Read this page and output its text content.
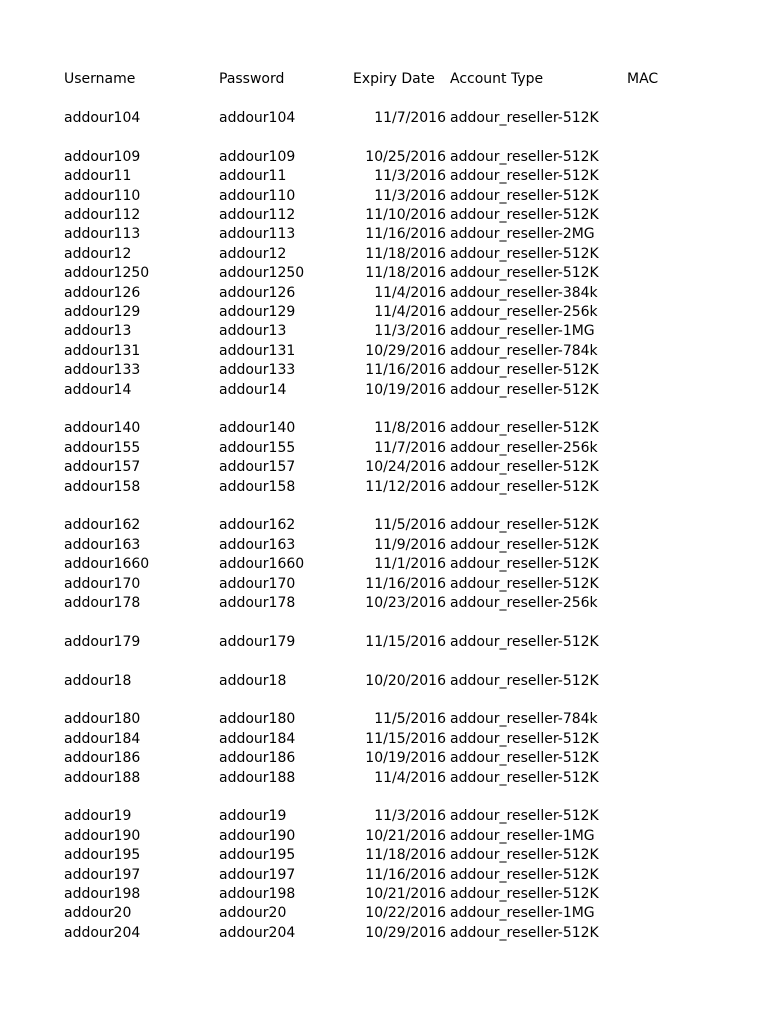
Username	Password	Expiry Date	Account Type	MAC
addour104	addour104	11/7/2016 addour_reseller-512K
addour109	addour109	10/25/2016 addour_reseller-512K
addour11	addour11	11/3/2016 addour_reseller-512K
addour110	addour110	11/3/2016 addour_reseller-512K
addour112	addour112	11/10/2016 addour_reseller-512K
addour113	addour113	11/16/2016 addour_reseller-2MG
addour12	addour12	11/18/2016 addour_reseller-512K
addour1250	addour1250	11/18/2016 addour_reseller-512K
addour126	addour126	11/4/2016 addour_reseller-384k
addour129	addour129	11/4/2016 addour_reseller-256k
addour13	addour13	11/3/2016 addour_reseller-1MG
addour131	addour131	10/29/2016 addour_reseller-784k
addour133	addour133	11/16/2016 addour_reseller-512K
addour14	addour14	10/19/2016 addour_reseller-512K
addour140	addour140	11/8/2016 addour_reseller-512K
addour155	addour155	11/7/2016 addour_reseller-256k
addour157	addour157	10/24/2016 addour_reseller-512K
addour158	addour158	11/12/2016 addour_reseller-512K
addour162	addour162	11/5/2016 addour_reseller-512K
addour163	addour163	11/9/2016 addour_reseller-512K
addour1660	addour1660	11/1/2016 addour_reseller-512K
addour170	addour170	11/16/2016 addour_reseller-512K
addour178	addour178	10/23/2016 addour_reseller-256k
addour179	addour179	11/15/2016 addour_reseller-512K
addour18	addour18	10/20/2016 addour_reseller-512K
addour180	addour180	11/5/2016 addour_reseller-784k
addour184	addour184	11/15/2016 addour_reseller-512K
addour186	addour186	10/19/2016 addour_reseller-512K
addour188	addour188	11/4/2016 addour_reseller-512K
addour19	addour19	11/3/2016 addour_reseller-512K
addour190	addour190	10/21/2016 addour_reseller-1MG
addour195	addour195	11/18/2016 addour_reseller-512K
addour197	addour197	11/16/2016 addour_reseller-512K
addour198	addour198	10/21/2016 addour_reseller-512K
addour20	addour20	10/22/2016 addour_reseller-1MG
addour204	addour204	10/29/2016 addour_reseller-512K
